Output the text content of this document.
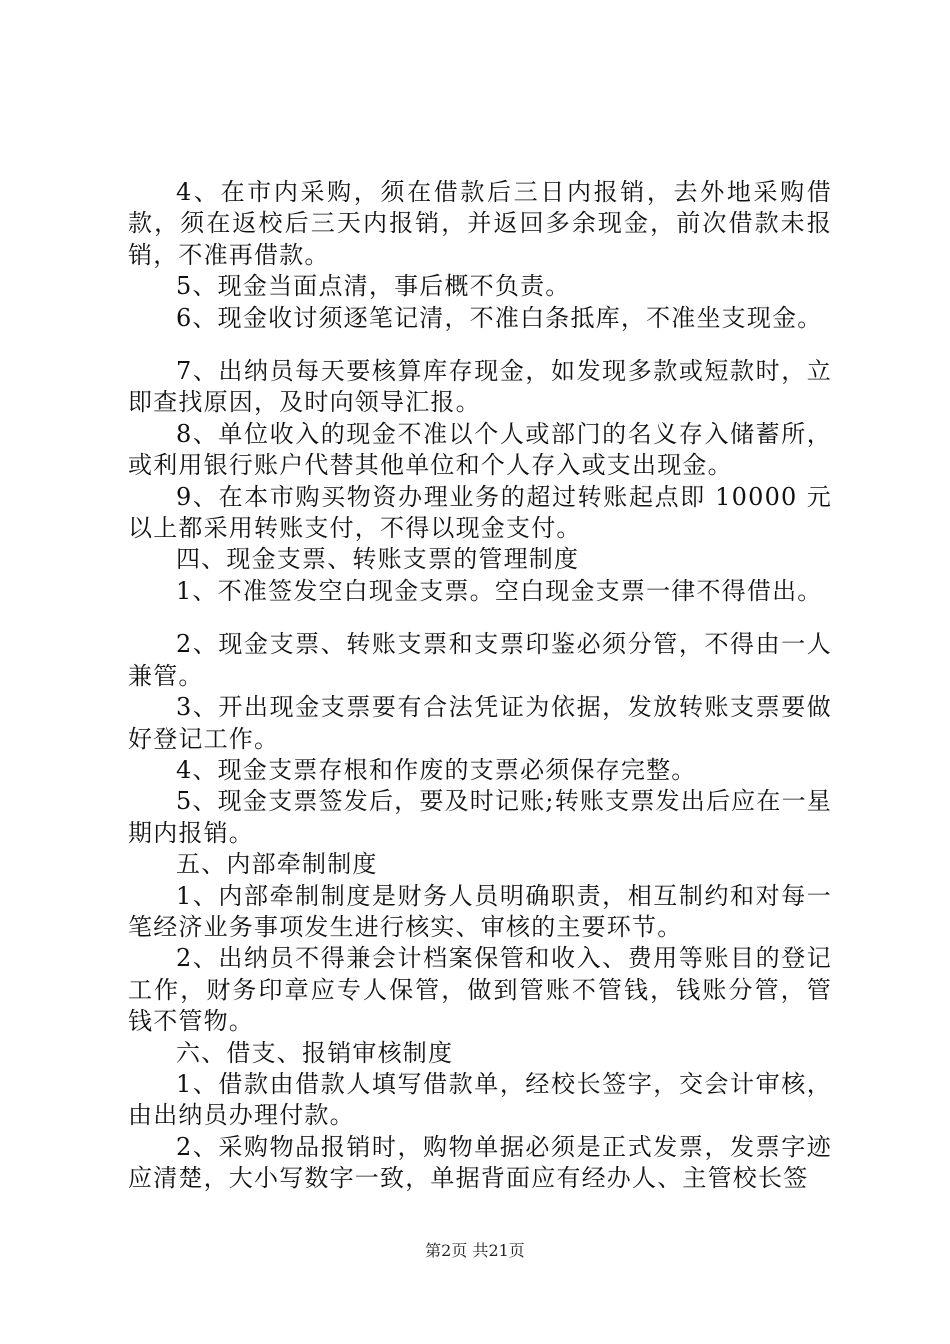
4、在市内采购，须在借款后三日内报销，去外地采购借款，须在返校后三天内报销，并返回多余现金，前次借款未报销，不准再借款。

5、现金当面点清，事后概不负责。

6、现金收讨须逐笔记清，不准白条抵库，不准坐支现金。

7、出纳员每天要核算库存现金，如发现多款或短款时，立即查找原因，及时向领导汇报。

8、单位收入的现金不准以个人或部门的名义存入储蓄所，或利用银行账户代替其他单位和个人存入或支出现金。

9、在本市购买物资办理业务的超过转账起点即 10000 元以上都采用转账支付，不得以现金支付。

四、现金支票、转账支票的管理制度

1、不准签发空白现金支票。空白现金支票一律不得借出。

2、现金支票、转账支票和支票印鉴必须分管，不得由一人兼管。

3、开出现金支票要有合法凭证为依据，发放转账支票要做好登记工作。

4、现金支票存根和作废的支票必须保存完整。

5、现金支票签发后，要及时记账;转账支票发出后应在一星期内报销。

五、内部牵制制度

1、内部牵制制度是财务人员明确职责，相互制约和对每一笔经济业务事项发生进行核实、审核的主要环节。

2、出纳员不得兼会计档案保管和收入、费用等账目的登记工作，财务印章应专人保管，做到管账不管钱，钱账分管，管钱不管物。

六、借支、报销审核制度

1、借款由借款人填写借款单，经校长签字，交会计审核，由出纳员办理付款。

2、采购物品报销时，购物单据必须是正式发票，发票字迹应清楚，大小写数字一致，单据背面应有经办人、主管校长签

第2页 共21页
